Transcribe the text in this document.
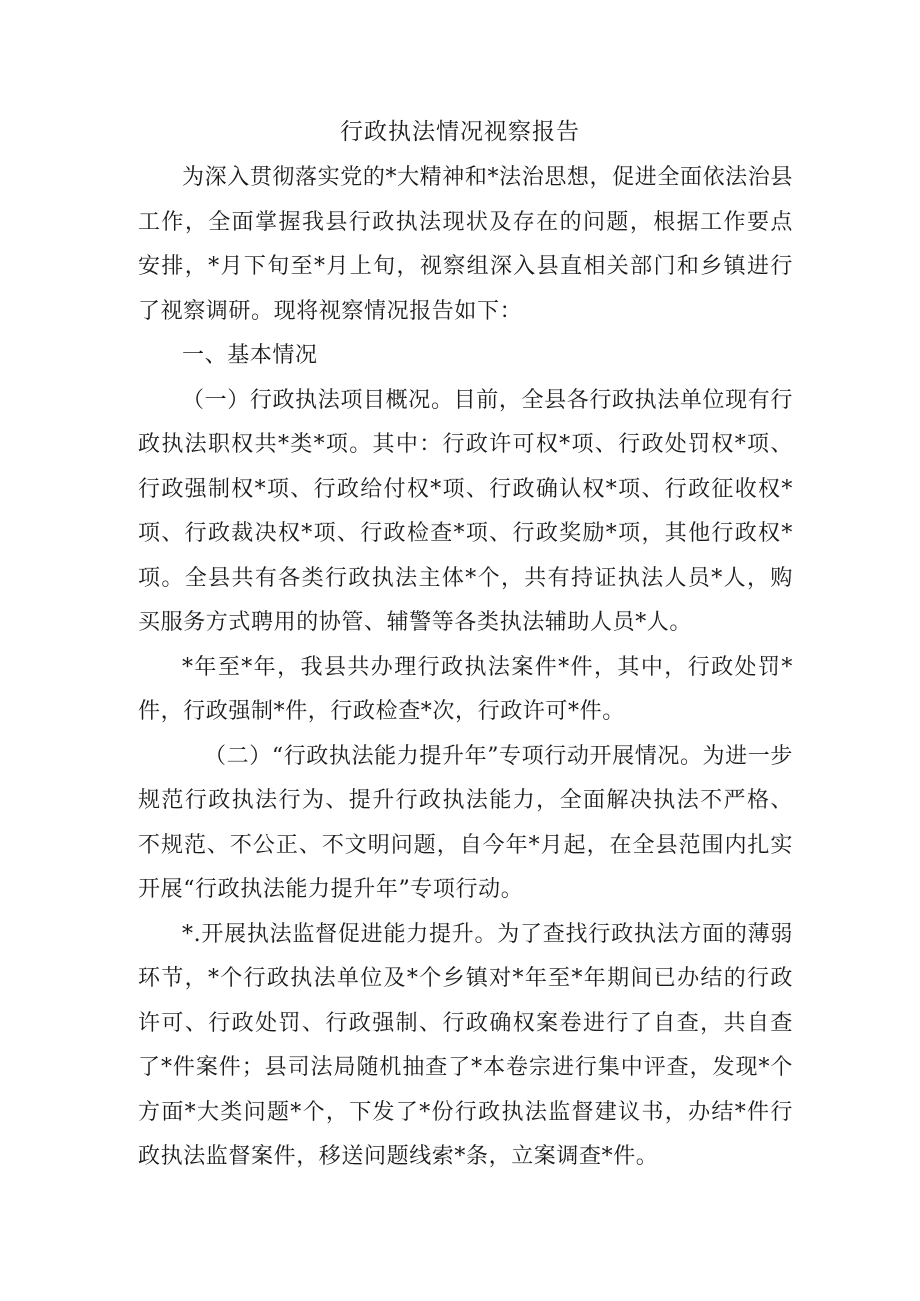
行政执法情况视察报告

为深入贯彻落实党的*大精神和*法治思想，促进全面依法治县工作，全面掌握我县行政执法现状及存在的问题，根据工作要点安排，*月下旬至*月上旬，视察组深入县直相关部门和乡镇进行了视察调研。现将视察情况报告如下：

一、基本情况

（一）行政执法项目概况。目前，全县各行政执法单位现有行政执法职权共*类*项。其中：行政许可权*项、行政处罚权*项、行政强制权*项、行政给付权*项、行政确认权*项、行政征收权*项、行政裁决权*项、行政检查*项、行政奖励*项，其他行政权*项。全县共有各类行政执法主体*个，共有持证执法人员*人，购买服务方式聘用的协管、辅警等各类执法辅助人员*人。

*年至*年，我县共办理行政执法案件*件，其中，行政处罚*件，行政强制*件，行政检查*次，行政许可*件。

（二）“行政执法能力提升年”专项行动开展情况。为进一步规范行政执法行为、提升行政执法能力，全面解决执法不严格、不规范、不公正、不文明问题，自今年*月起，在全县范围内扎实开展“行政执法能力提升年”专项行动。

*.开展执法监督促进能力提升。为了查找行政执法方面的薄弱环节，*个行政执法单位及*个乡镇对*年至*年期间已办结的行政许可、行政处罚、行政强制、行政确权案卷进行了自查，共自查了*件案件；县司法局随机抽查了*本卷宗进行集中评查，发现*个方面*大类问题*个，下发了*份行政执法监督建议书，办结*件行政执法监督案件，移送问题线索*条，立案调查*件。
